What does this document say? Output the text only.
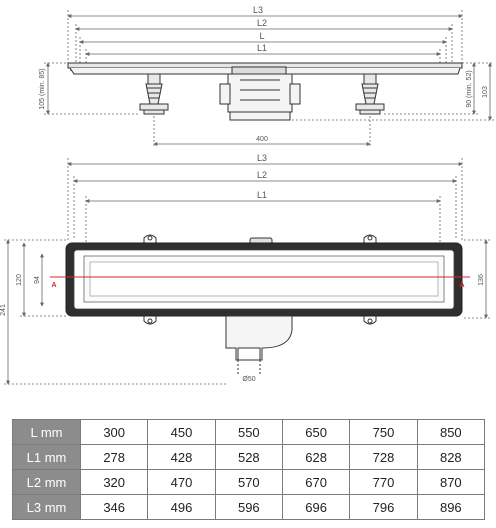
L3
L2
L
L1
400
105 (min. 85)	90 (min. 52) 103
L3
L2
L1
241
120 94	136
A	A
Ø50
L mm	300	450	550	650	750	850
L1 mm	278	428	528	628	728	828
L2 mm	320	470	570	670	770	870
L3 mm	346	496	596	696	796	896
